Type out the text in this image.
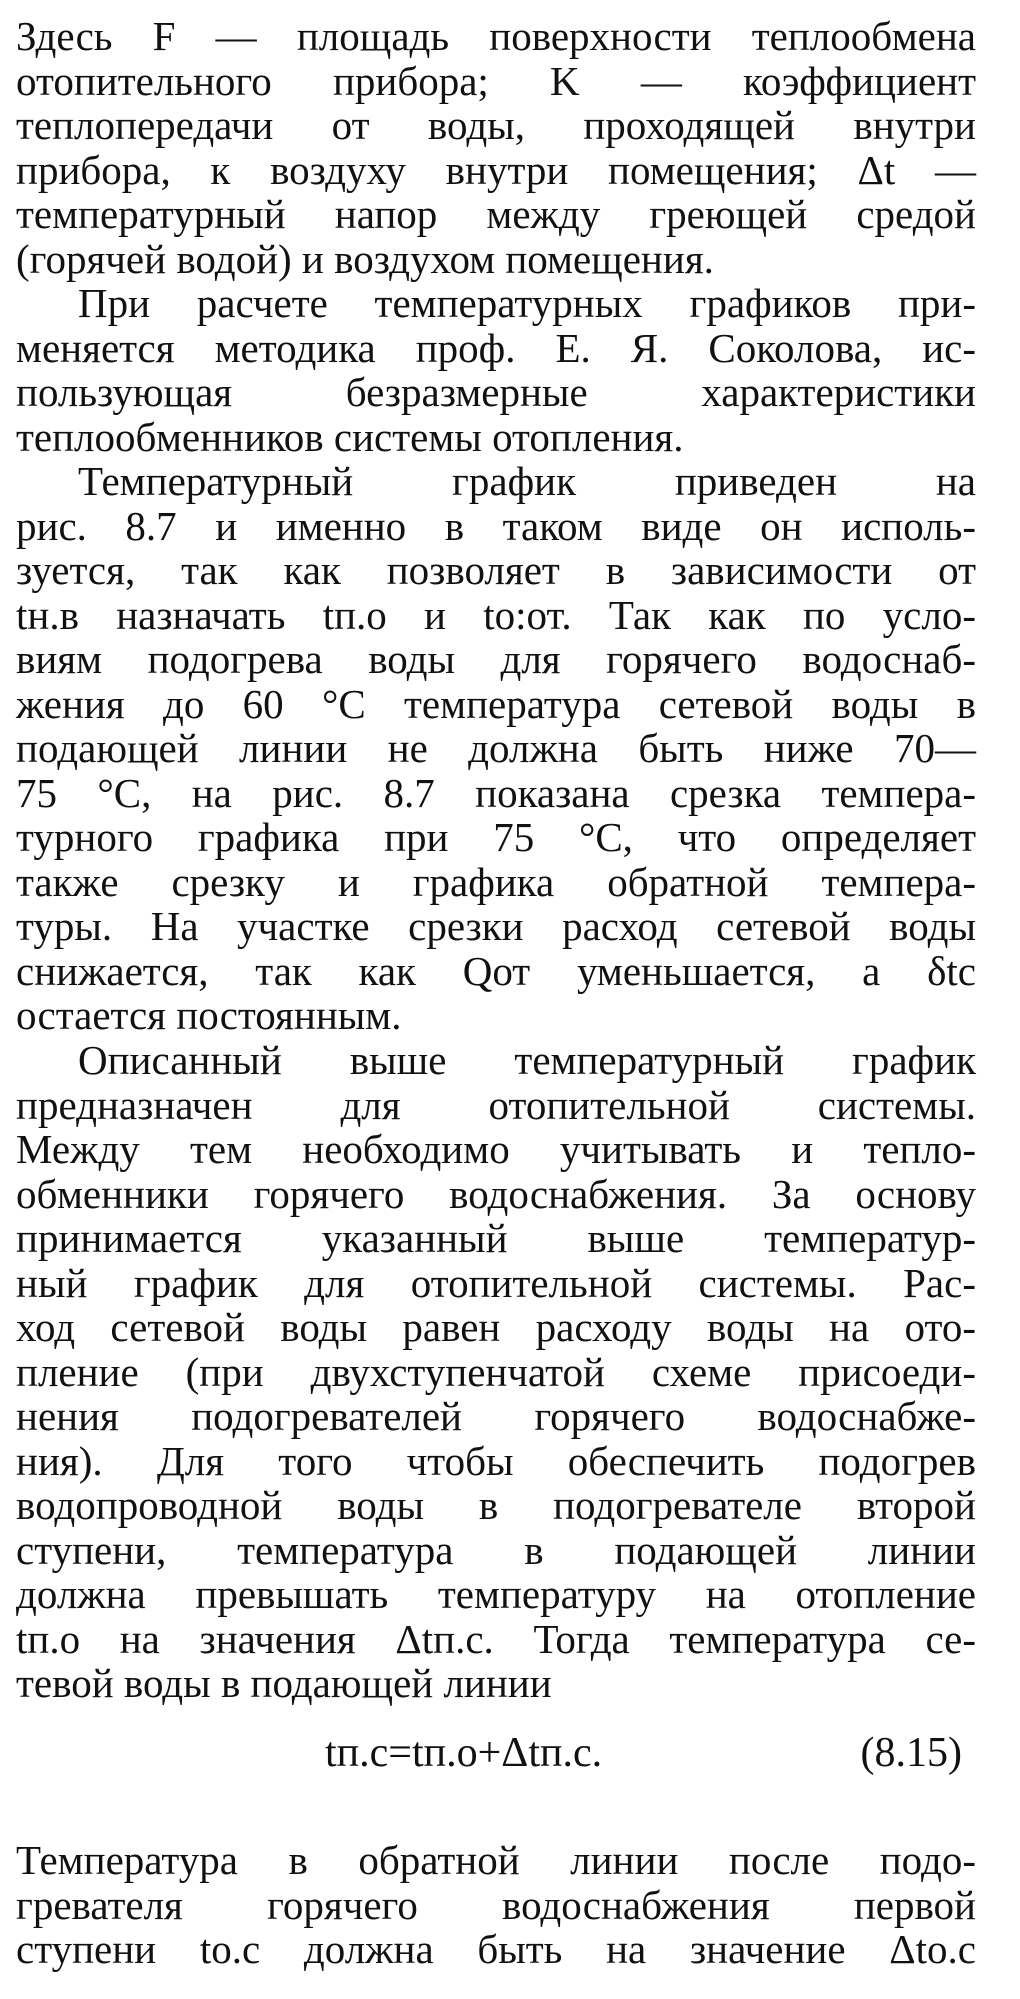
Здесь F — площадь поверхности теплообмена
отопительного прибора; K — коэффициент
теплопередачи от воды, проходящей внутри
прибора, к воздуху внутри помещения; Δt —
температурный напор между греющей средой
(горячей водой) и воздухом помещения.
При расчете температурных графиков при-
меняется методика проф. Е. Я. Соколова, ис-
пользующая безразмерные характеристики
теплообменников системы отопления.
Температурный график приведен на
рис. 8.7 и именно в таком виде он исполь-
зуется, так как позволяет в зависимости от
tн.в назначать tп.о и tо:от. Так как по усло-
виям подогрева воды для горячего водоснаб-
жения до 60 °С температура сетевой воды в
подающей линии не должна быть ниже 70—
75 °С, на рис. 8.7 показана срезка темпера-
турного графика при 75 °С, что определяет
также срезку и графика обратной темпера-
туры. На участке срезки расход сетевой воды
снижается, так как Qот уменьшается, а δtс
остается постоянным.
Описанный выше температурный график
предназначен для отопительной системы.
Между тем необходимо учитывать и тепло-
обменники горячего водоснабжения. За основу
принимается указанный выше температур-
ный график для отопительной системы. Рас-
ход сетевой воды равен расходу воды на ото-
пление (при двухступенчатой схеме присоеди-
нения подогревателей горячего водоснабже-
ния). Для того чтобы обеспечить подогрев
водопроводной воды в подогревателе второй
ступени, температура в подающей линии
должна превышать температуру на отопление
tп.о на значения Δtп.с. Тогда температура се-
тевой воды в подающей линии
tп.с=tп.о+Δtп.с.	(8.15)
Температура в обратной линии после подо-
гревателя горячего водоснабжения первой
ступени tо.с должна быть на значение Δtо.с
